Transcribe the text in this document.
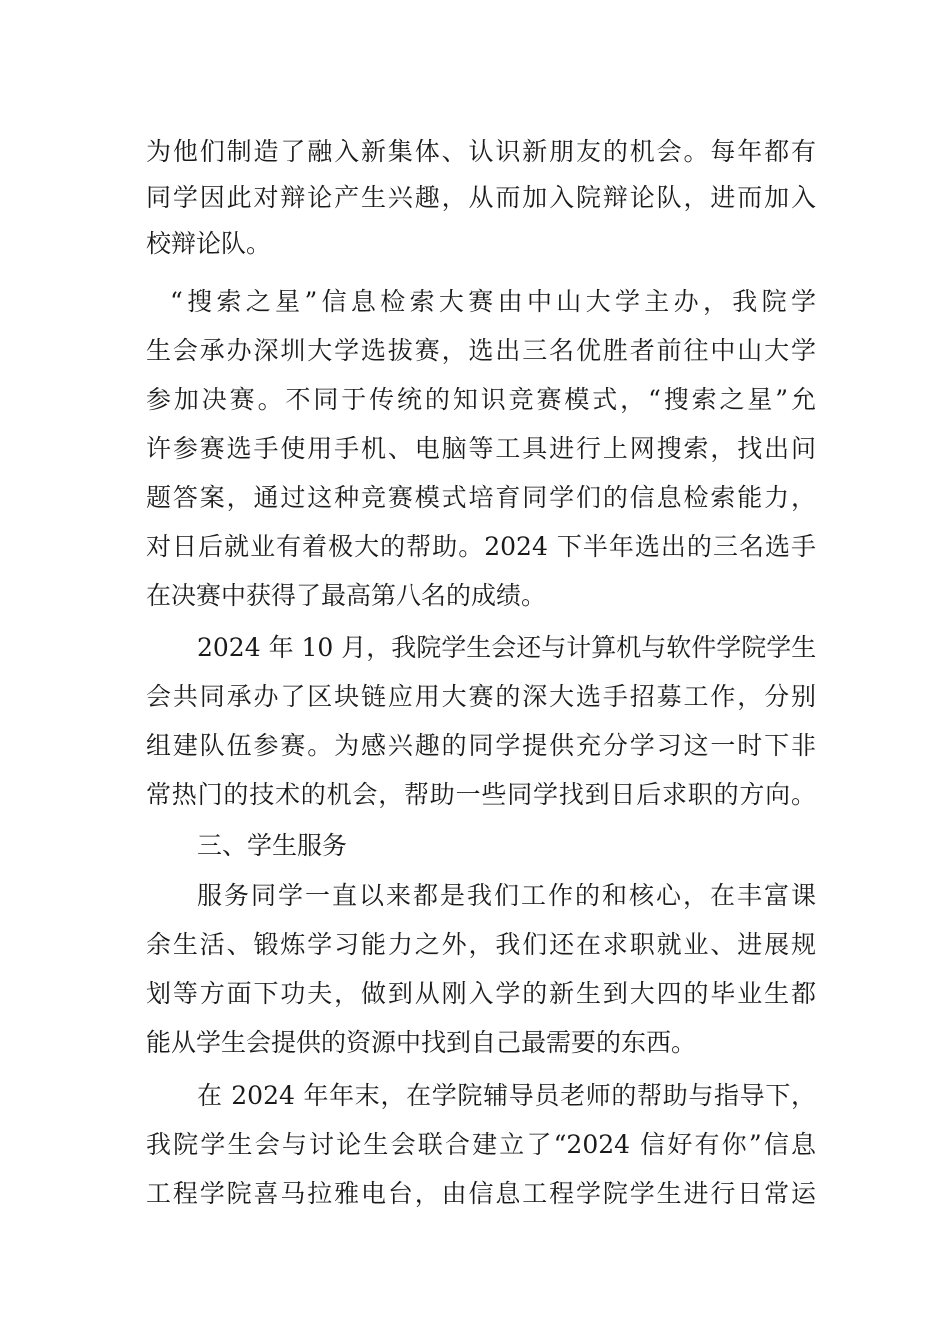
为他们制造了融入新集体、认识新朋友的机会。每年都有
同学因此对辩论产生兴趣，从而加入院辩论队，进而加入
校辩论队。
“搜索之星”信息检索大赛由中山大学主办，我院学
生会承办深圳大学选拔赛，选出三名优胜者前往中山大学
参加决赛。不同于传统的知识竞赛模式，“搜索之星”允
许参赛选手使用手机、电脑等工具进行上网搜索，找出问
题答案，通过这种竞赛模式培育同学们的信息检索能力，
对日后就业有着极大的帮助。2024 下半年选出的三名选手
在决赛中获得了最高第八名的成绩。
2024 年 10 月，我院学生会还与计算机与软件学院学生
会共同承办了区块链应用大赛的深大选手招募工作，分别
组建队伍参赛。为感兴趣的同学提供充分学习这一时下非
常热门的技术的机会，帮助一些同学找到日后求职的方向。
三、学生服务
服务同学一直以来都是我们工作的和核心，在丰富课
余生活、锻炼学习能力之外，我们还在求职就业、进展规
划等方面下功夫，做到从刚入学的新生到大四的毕业生都
能从学生会提供的资源中找到自己最需要的东西。
在 2024 年年末，在学院辅导员老师的帮助与指导下，
我院学生会与讨论生会联合建立了“2024 信好有你”信息
工程学院喜马拉雅电台，由信息工程学院学生进行日常运
